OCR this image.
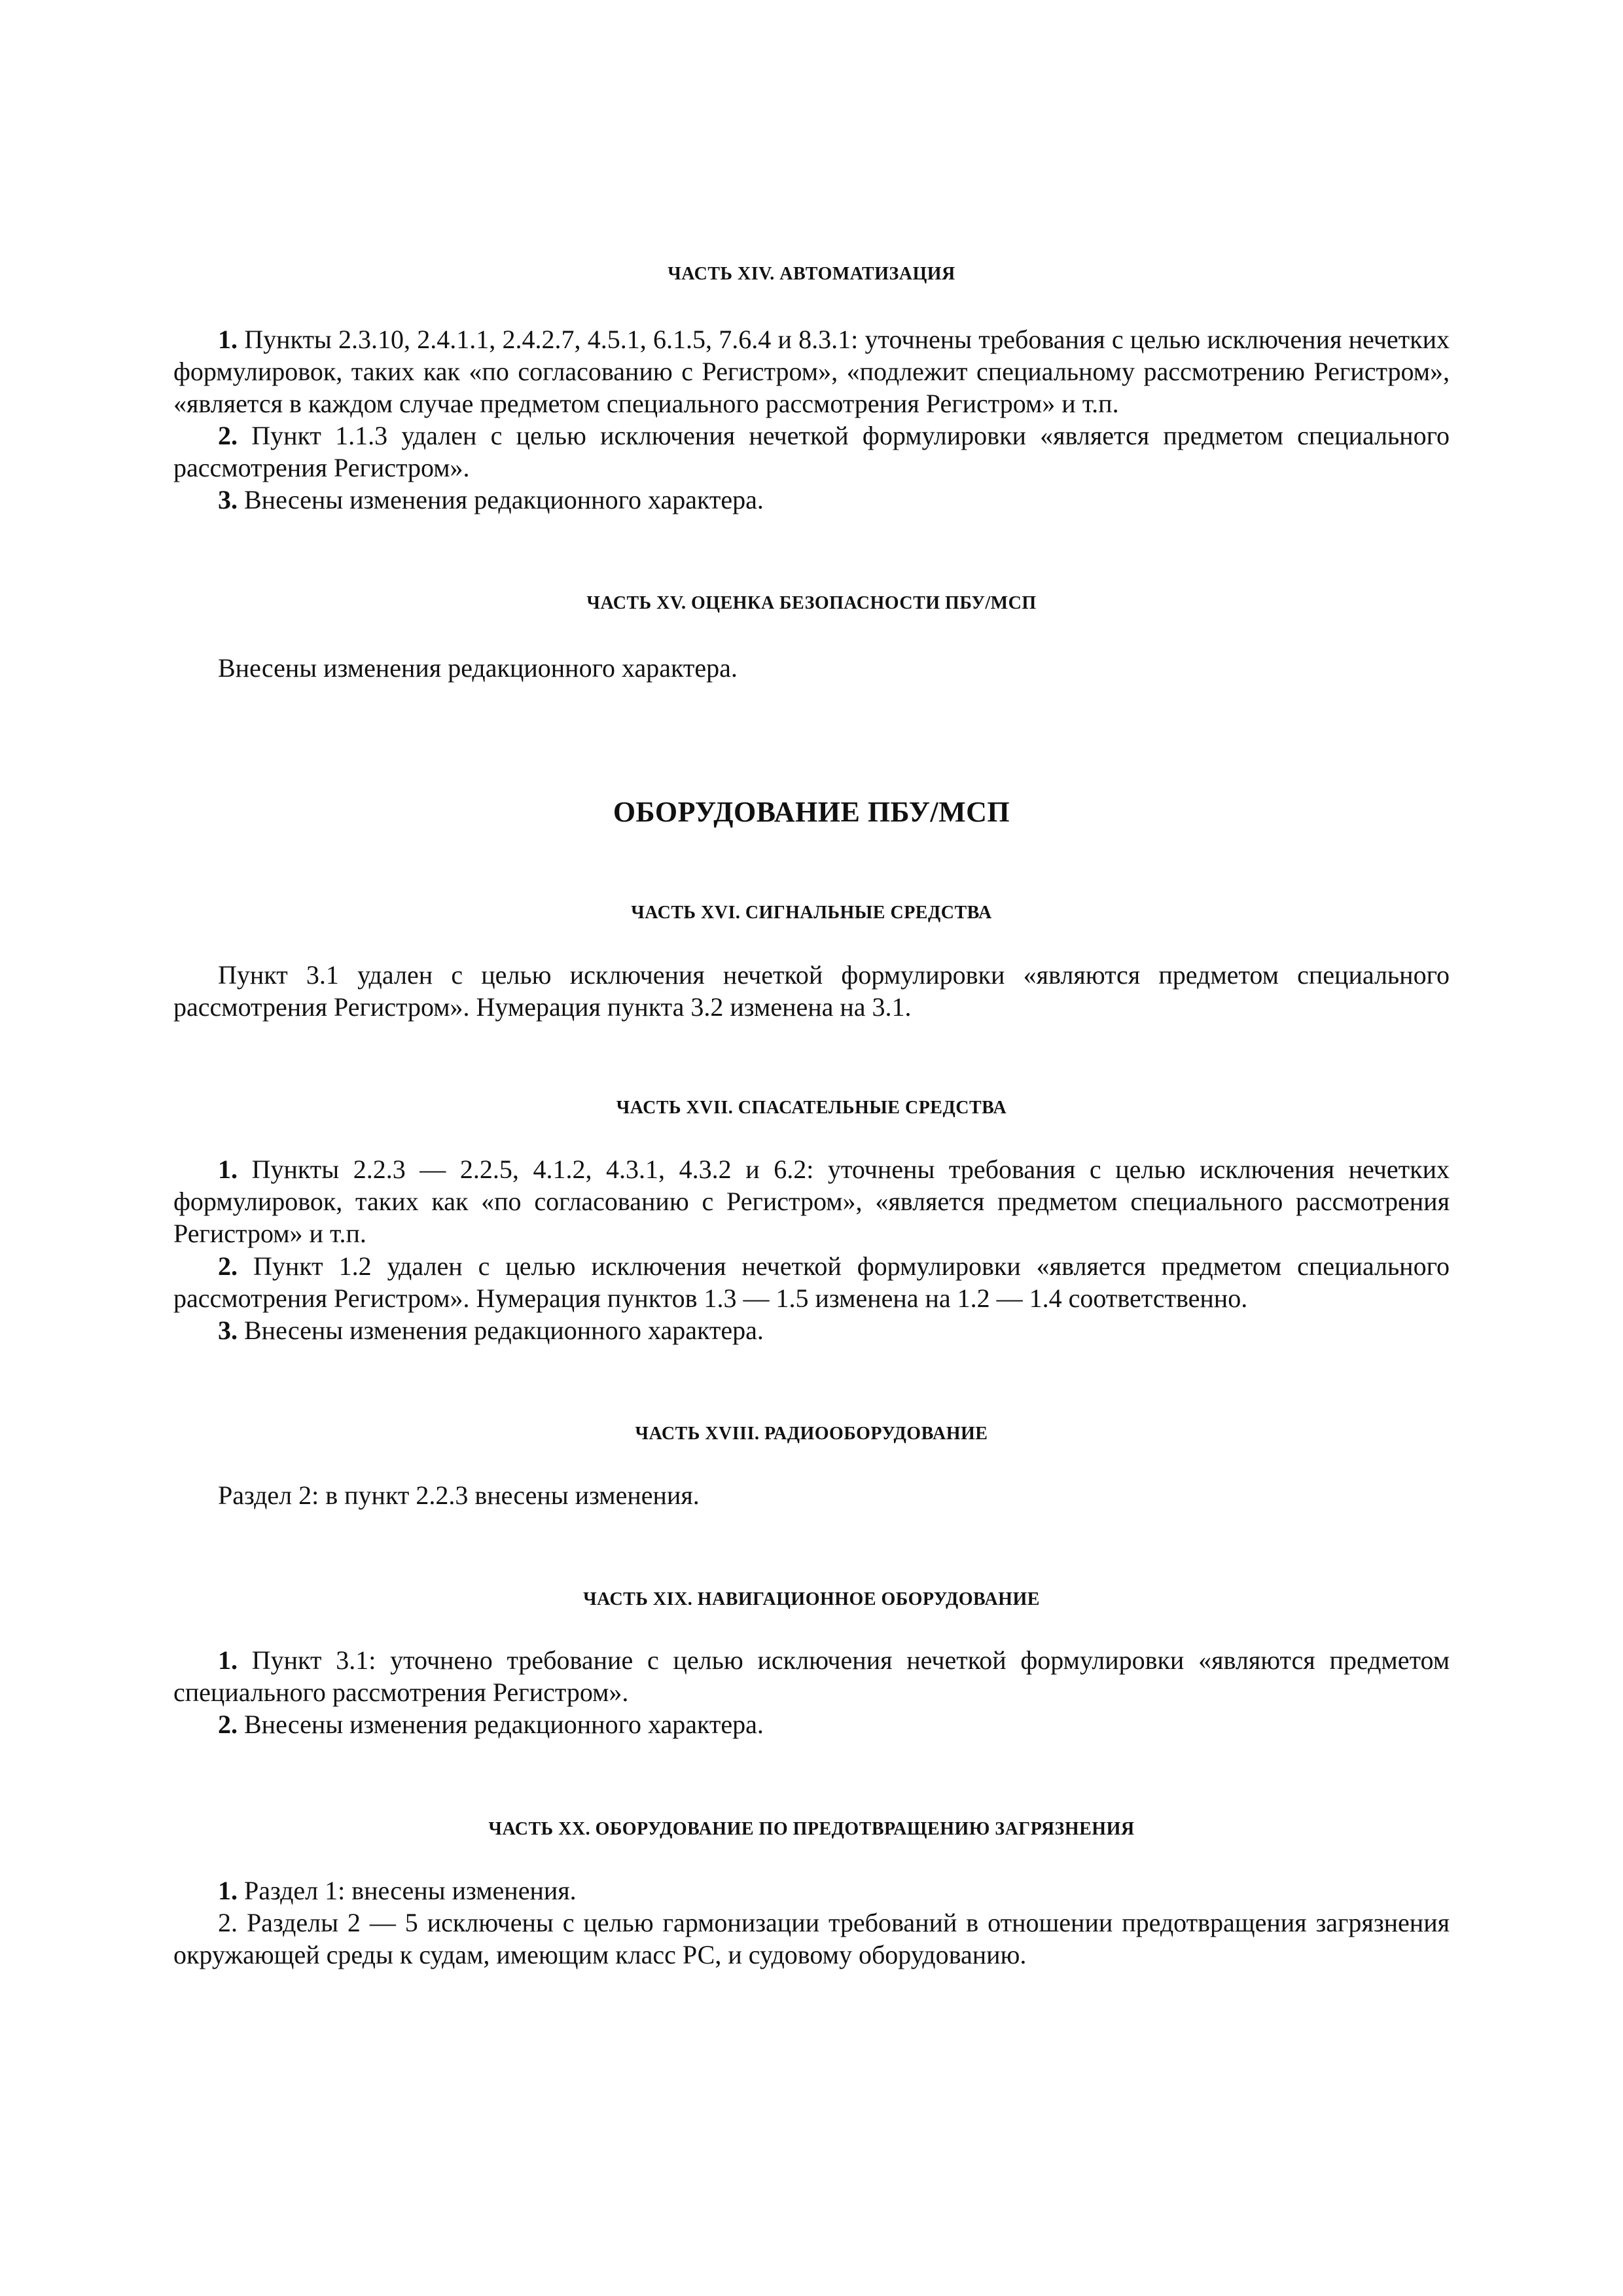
ЧАСТЬ XIV. АВТОМАТИЗАЦИЯ

1. Пункты 2.3.10, 2.4.1.1, 2.4.2.7, 4.5.1, 6.1.5, 7.6.4 и 8.3.1: уточнены требования с целью исключения нечетких формулировок, таких как «по согласованию с Регистром», «подлежит специальному рассмотрению Регистром», «является в каждом случае предметом специального рассмотрения Регистром» и т.п.

2. Пункт 1.1.3 удален с целью исключения нечеткой формулировки «является предметом специального рассмотрения Регистром».

3. Внесены изменения редакционного характера.

ЧАСТЬ XV. ОЦЕНКА БЕЗОПАСНОСТИ ПБУ/МСП

Внесены изменения редакционного характера.

ОБОРУДОВАНИЕ ПБУ/МСП
ЧАСТЬ XVI. СИГНАЛЬНЫЕ СРЕДСТВА

Пункт 3.1 удален с целью исключения нечеткой формулировки «являются предметом специального рассмотрения Регистром». Нумерация пункта 3.2 изменена на 3.1.

ЧАСТЬ XVII. СПАСАТЕЛЬНЫЕ СРЕДСТВА

1. Пункты 2.2.3 — 2.2.5, 4.1.2, 4.3.1, 4.3.2 и 6.2: уточнены требования с целью исключения нечетких формулировок, таких как «по согласованию с Регистром», «является предметом специального рассмотрения Регистром» и т.п.

2. Пункт 1.2 удален с целью исключения нечеткой формулировки «является предметом специального рассмотрения Регистром». Нумерация пунктов 1.3 — 1.5 изменена на 1.2 — 1.4 соответственно.

3. Внесены изменения редакционного характера.

ЧАСТЬ XVIII. РАДИООБОРУДОВАНИЕ

Раздел 2: в пункт 2.2.3 внесены изменения.

ЧАСТЬ XIX. НАВИГАЦИОННОЕ ОБОРУДОВАНИЕ

1. Пункт 3.1: уточнено требование с целью исключения нечеткой формулировки «являются предметом специального рассмотрения Регистром».

2. Внесены изменения редакционного характера.

ЧАСТЬ XX. ОБОРУДОВАНИЕ ПО ПРЕДОТВРАЩЕНИЮ ЗАГРЯЗНЕНИЯ

1. Раздел 1: внесены изменения.

2. Разделы 2 — 5 исключены с целью гармонизации требований в отношении предотвращения загрязнения окружающей среды к судам, имеющим класс РС, и судовому оборудованию.
